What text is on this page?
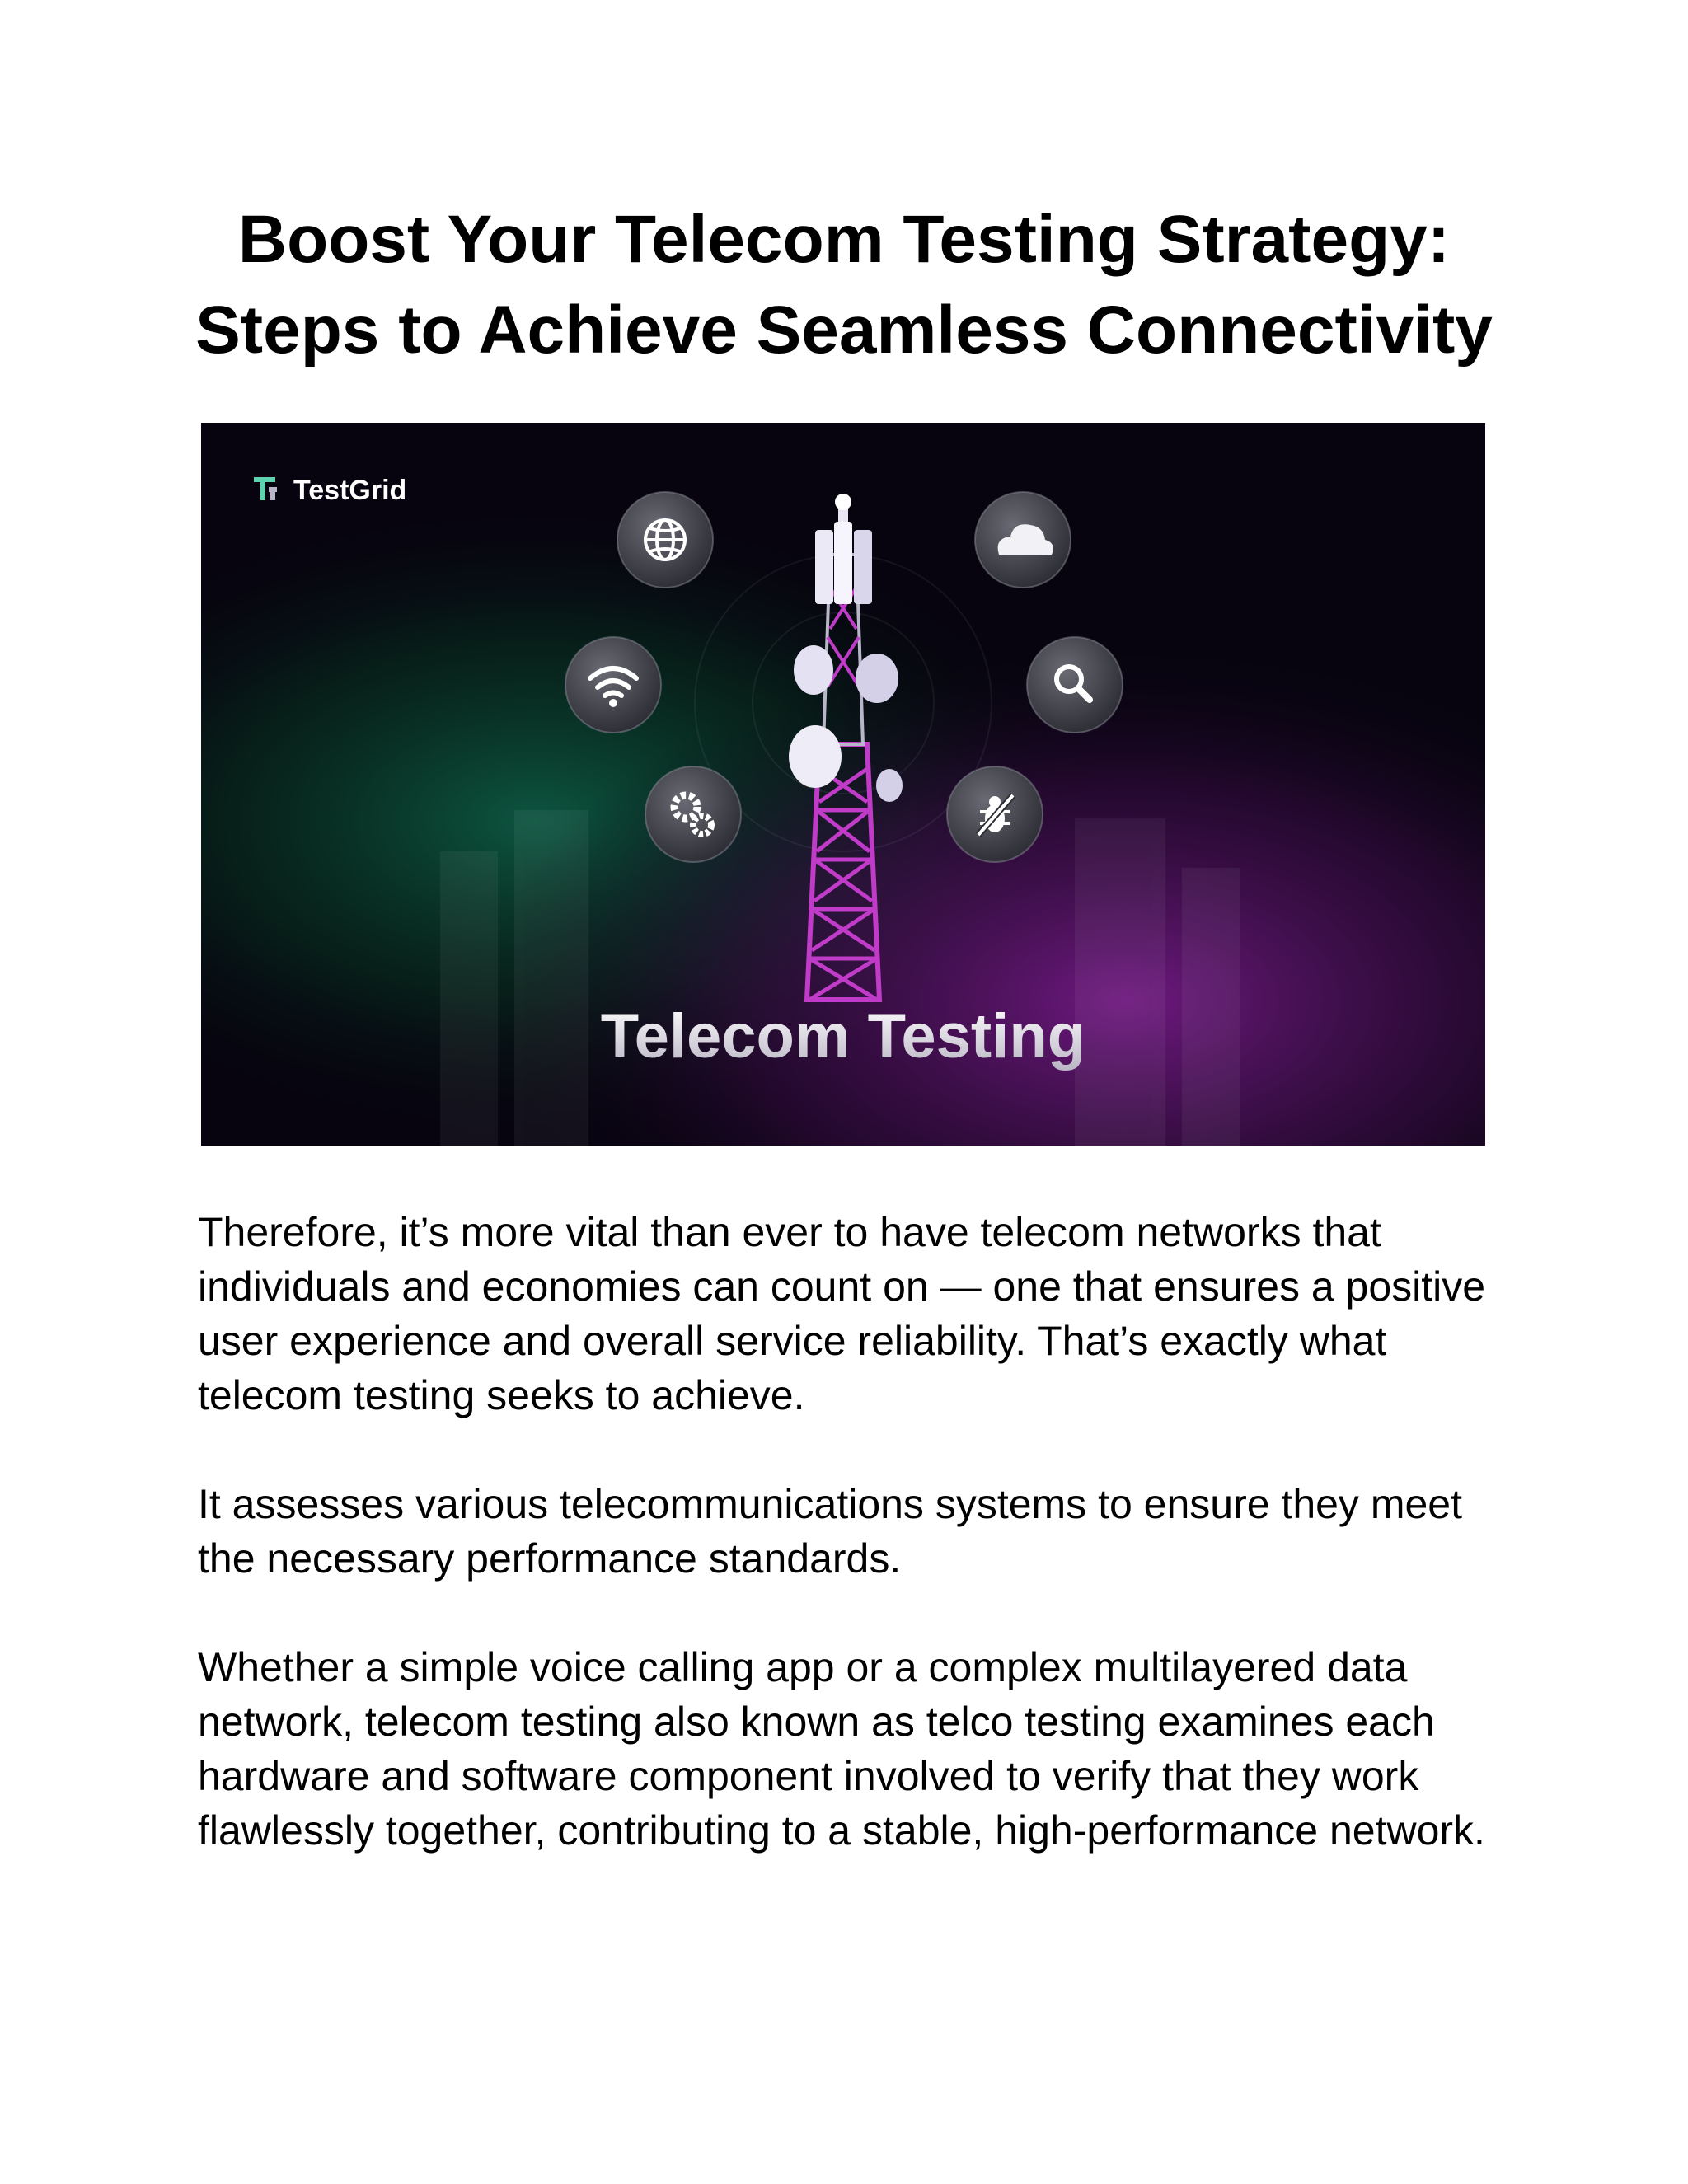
Boost Your Telecom Testing Strategy:
Steps to Achieve Seamless Connectivity
TestGrid
Telecom Testing

Therefore, it’s more vital than ever to have telecom networks that individuals and economies can count on — one that ensures a positive user experience and overall service reliability. That’s exactly what telecom testing seeks to achieve.

It assesses various telecommunications systems to ensure they meet the necessary performance standards.

Whether a simple voice calling app or a complex multilayered data network, telecom testing also known as telco testing examines each hardware and software component involved to verify that they work flawlessly together, contributing to a stable, high-performance network.
